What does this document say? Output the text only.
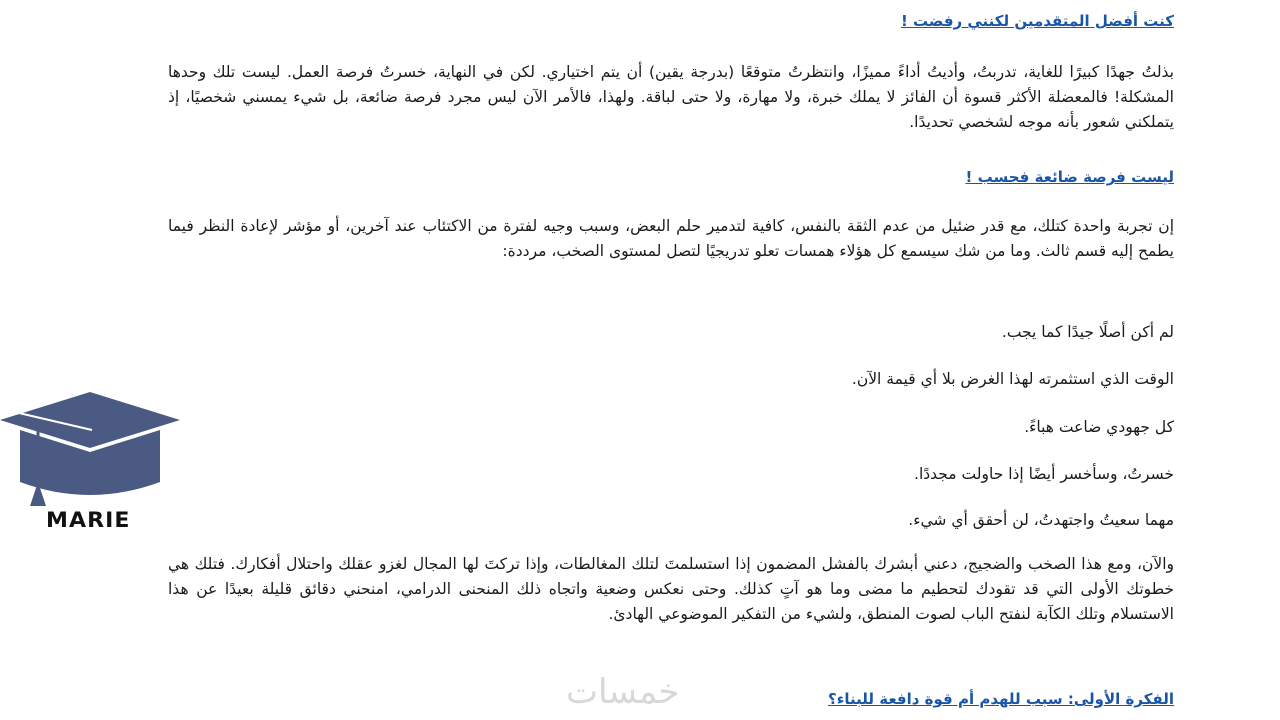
كنت أفضل المتقدمين لكنني رفضت !

بذلتُ جهدًا كبيرًا للغاية، تدربتُ، وأديتُ أداءً مميزًا، وانتظرتُ متوقعًا (بدرجة يقين) أن يتم اختياري. لكن في النهاية، خسرتُ فرصة العمل. ليست تلك وحدها المشكلة! فالمعضلة الأكثر قسوة أن الفائز لا يملك خبرة، ولا مهارة، ولا حتى لباقة. ولهذا، فالأمر الآن ليس مجرد فرصة ضائعة، بل شيء يمسني شخصيًا، إذ يتملكني شعور بأنه موجه لشخصي تحديدًا.

ليست فرصة ضائعة فحسب !

إن تجربة واحدة كتلك، مع قدر ضئيل من عدم الثقة بالنفس، كافية لتدمير حلم البعض، وسبب وجيه لفترة من الاكتئاب عند آخرين، أو مؤشر لإعادة النظر فيما يطمح إليه قسم ثالث. وما من شك سيسمع كل هؤلاء همسات تعلو تدريجيًا لتصل لمستوى الصخب، مرددة:

لم أكن أصلًا جيدًا كما يجب.

الوقت الذي استثمرته لهذا الغرض بلا أي قيمة الآن.

كل جهودي ضاعت هباءً.

خسرتُ، وسأخسر أيضًا إذا حاولت مجددًا.

مهما سعيتُ واجتهدتُ، لن أحقق أي شيء.

والآن، ومع هذا الصخب والضجيج، دعني أبشرك بالفشل المضمون إذا استسلمتَ لتلك المغالطات، وإذا تركتَ لها المجال لغزو عقلك واحتلال أفكارك. فتلك هي خطوتك الأولى التي قد تقودك لتحطيم ما مضى وما هو آتٍ كذلك. وحتى نعكس وضعية واتجاه ذلك المنحنى الدرامي، امنحني دقائق قليلة بعيدًا عن هذا الاستسلام وتلك الكآبة لنفتح الباب لصوت المنطق، ولشيء من التفكير الموضوعي الهادئ.

الفكرة الأولى: سبب للهدم أم قوة دافعة للبناء؟

MARIE
خمسات
